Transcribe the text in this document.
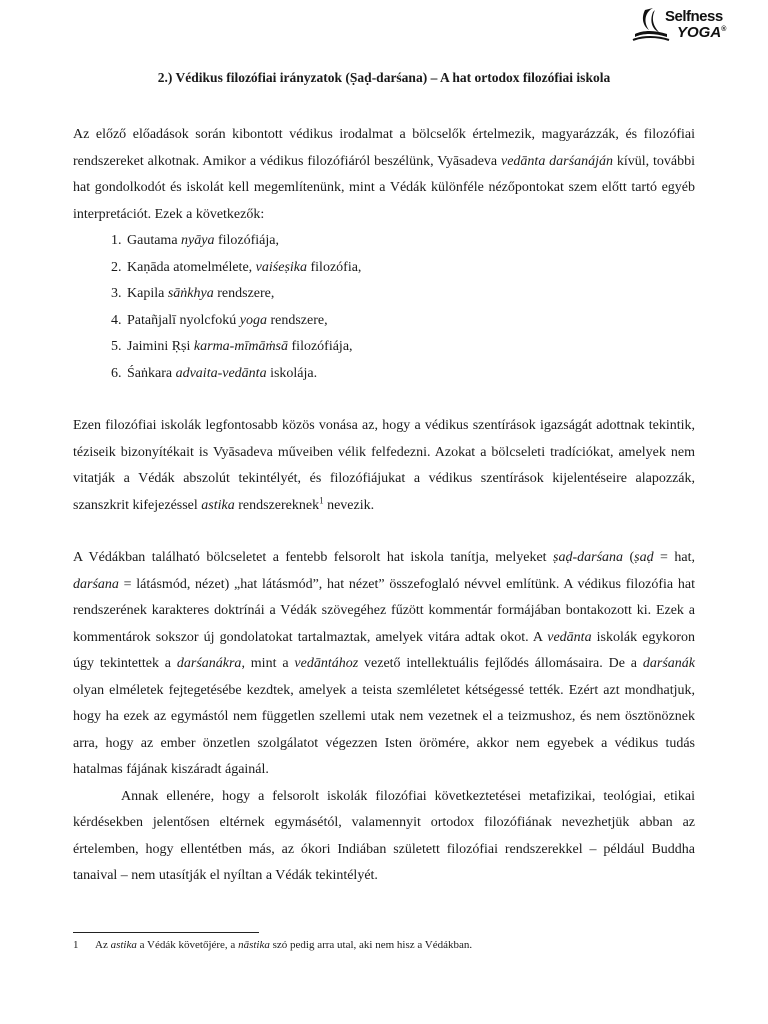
Selfness
YOGA®

2.) Védikus filozófiai irányzatok (Ṣaḍ-darśana) – A hat ortodox filozófiai iskola

Az előző előadások során kibontott védikus irodalmat a bölcselők értelmezik, magyarázzák, és filozófiai rendszereket alkotnak. Amikor a védikus filozófiáról beszélünk, Vyāsadeva vedānta darśanáján kívül, további hat gondolkodót és iskolát kell megemlítenünk, mint a Védák különféle nézőpontokat szem előtt tartó egyéb interpretációt. Ezek a következők:

1. Gautama nyāya filozófiája,
2. Kaṇāda atomelmélete, vaiśeṣika filozófia,
3. Kapila sāṅkhya rendszere,
4. Patañjalī nyolcfokú yoga rendszere,
5. Jaimini Ṛṣi karma-mīmāṁsā filozófiája,
6. Śaṅkara advaita-vedānta iskolája.

Ezen filozófiai iskolák legfontosabb közös vonása az, hogy a védikus szentírások igazságát adottnak tekintik, téziseik bizonyítékait is Vyāsadeva műveiben vélik felfedezni. Azokat a bölcseleti tradíciókat, amelyek nem vitatják a Védák abszolút tekintélyét, és filozófiájukat a védikus szentírások kijelentéseire alapozzák, szanszkrit kifejezéssel astika rendszereknek$^1$ nevezik.

A Védákban található bölcseletet a fentebb felsorolt hat iskola tanítja, melyeket ṣaḍ-darśana (ṣaḍ = hat, darśana = látásmód, nézet) „hat látásmód”, hat nézet” összefoglaló névvel említünk. A védikus filozófia hat rendszerének karakteres doktrínái a Védák szövegéhez fűzött kommentár formájában bontakozott ki. Ezek a kommentárok sokszor új gondolatokat tartalmaztak, amelyek vitára adtak okot. A vedānta iskolák egykoron úgy tekintettek a darśanákra, mint a vedāntához vezető intellektuális fejlődés állomásaira. De a darśanák olyan elméletek fejtegetésébe kezdtek, amelyek a teista szemléletet kétségessé tették. Ezért azt mondhatjuk, hogy ha ezek az egymástól nem független szellemi utak nem vezetnek el a teizmushoz, és nem ösztönöznek arra, hogy az ember önzetlen szolgálatot végezzen Isten örömére, akkor nem egyebek a védikus tudás hatalmas fájának kiszáradt ágainál.

Annak ellenére, hogy a felsorolt iskolák filozófiai következtetései metafizikai, teológiai, etikai kérdésekben jelentősen eltérnek egymásétól, valamennyit ortodox filozófiának nevezhetjük abban az értelemben, hogy ellentétben más, az ókori Indiában született filozófiai rendszerekkel – például Buddha tanaival – nem utasítják el nyíltan a Védák tekintélyét.

1 Az astika a Védák követőjére, a nāstika szó pedig arra utal, aki nem hisz a Védákban.
